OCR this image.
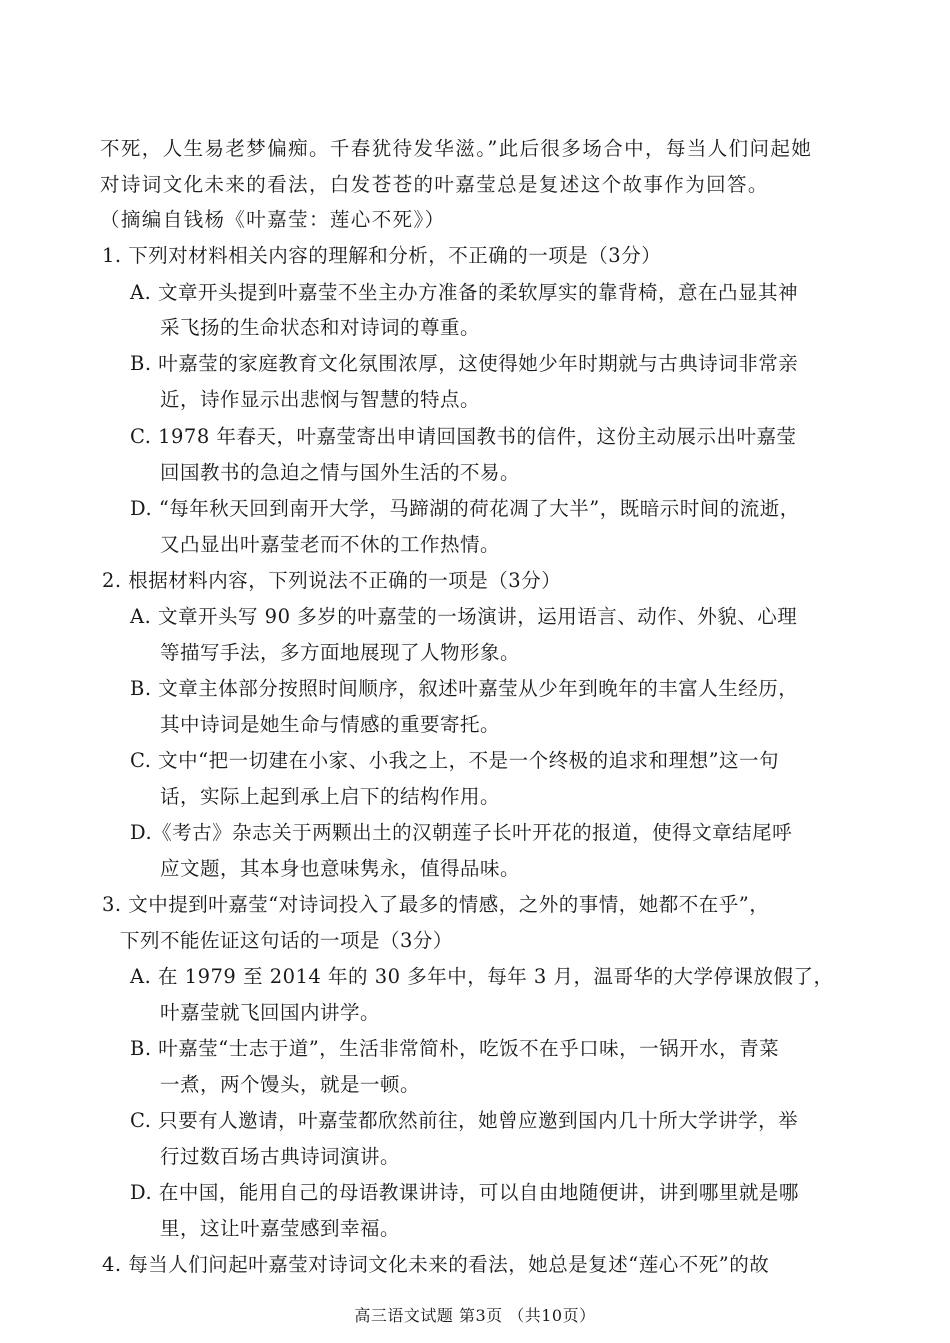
不死，人生易老梦偏痴。千春犹待发华滋。”此后很多场合中，每当人们问起她
对诗词文化未来的看法，白发苍苍的叶嘉莹总是复述这个故事作为回答。
（摘编自钱杨《叶嘉莹：莲心不死》）
1. 下列对材料相关内容的理解和分析，不正确的一项是（3分）
A. 文章开头提到叶嘉莹不坐主办方准备的柔软厚实的靠背椅，意在凸显其神
采飞扬的生命状态和对诗词的尊重。
B. 叶嘉莹的家庭教育文化氛围浓厚，这使得她少年时期就与古典诗词非常亲
近，诗作显示出悲悯与智慧的特点。
C. 1978 年春天，叶嘉莹寄出申请回国教书的信件，这份主动展示出叶嘉莹
回国教书的急迫之情与国外生活的不易。
D. “每年秋天回到南开大学，马蹄湖的荷花凋了大半”，既暗示时间的流逝，
又凸显出叶嘉莹老而不休的工作热情。
2. 根据材料内容，下列说法不正确的一项是（3分）
A. 文章开头写 90 多岁的叶嘉莹的一场演讲，运用语言、动作、外貌、心理
等描写手法，多方面地展现了人物形象。
B. 文章主体部分按照时间顺序，叙述叶嘉莹从少年到晚年的丰富人生经历，
其中诗词是她生命与情感的重要寄托。
C. 文中“把一切建在小家、小我之上，不是一个终极的追求和理想”这一句
话，实际上起到承上启下的结构作用。
D.《考古》杂志关于两颗出土的汉朝莲子长叶开花的报道，使得文章结尾呼
应文题，其本身也意味隽永，值得品味。
3. 文中提到叶嘉莹“对诗词投入了最多的情感，之外的事情，她都不在乎”，
下列不能佐证这句话的一项是（3分）
A. 在 1979 至 2014 年的 30 多年中，每年 3 月，温哥华的大学停课放假了，
叶嘉莹就飞回国内讲学。
B. 叶嘉莹“士志于道”，生活非常简朴，吃饭不在乎口味，一锅开水，青菜
一煮，两个馒头，就是一顿。
C. 只要有人邀请，叶嘉莹都欣然前往，她曾应邀到国内几十所大学讲学，举
行过数百场古典诗词演讲。
D. 在中国，能用自己的母语教课讲诗，可以自由地随便讲，讲到哪里就是哪
里，这让叶嘉莹感到幸福。
4. 每当人们问起叶嘉莹对诗词文化未来的看法，她总是复述“莲心不死”的故
高三语文试题 第3页 （共10页）
